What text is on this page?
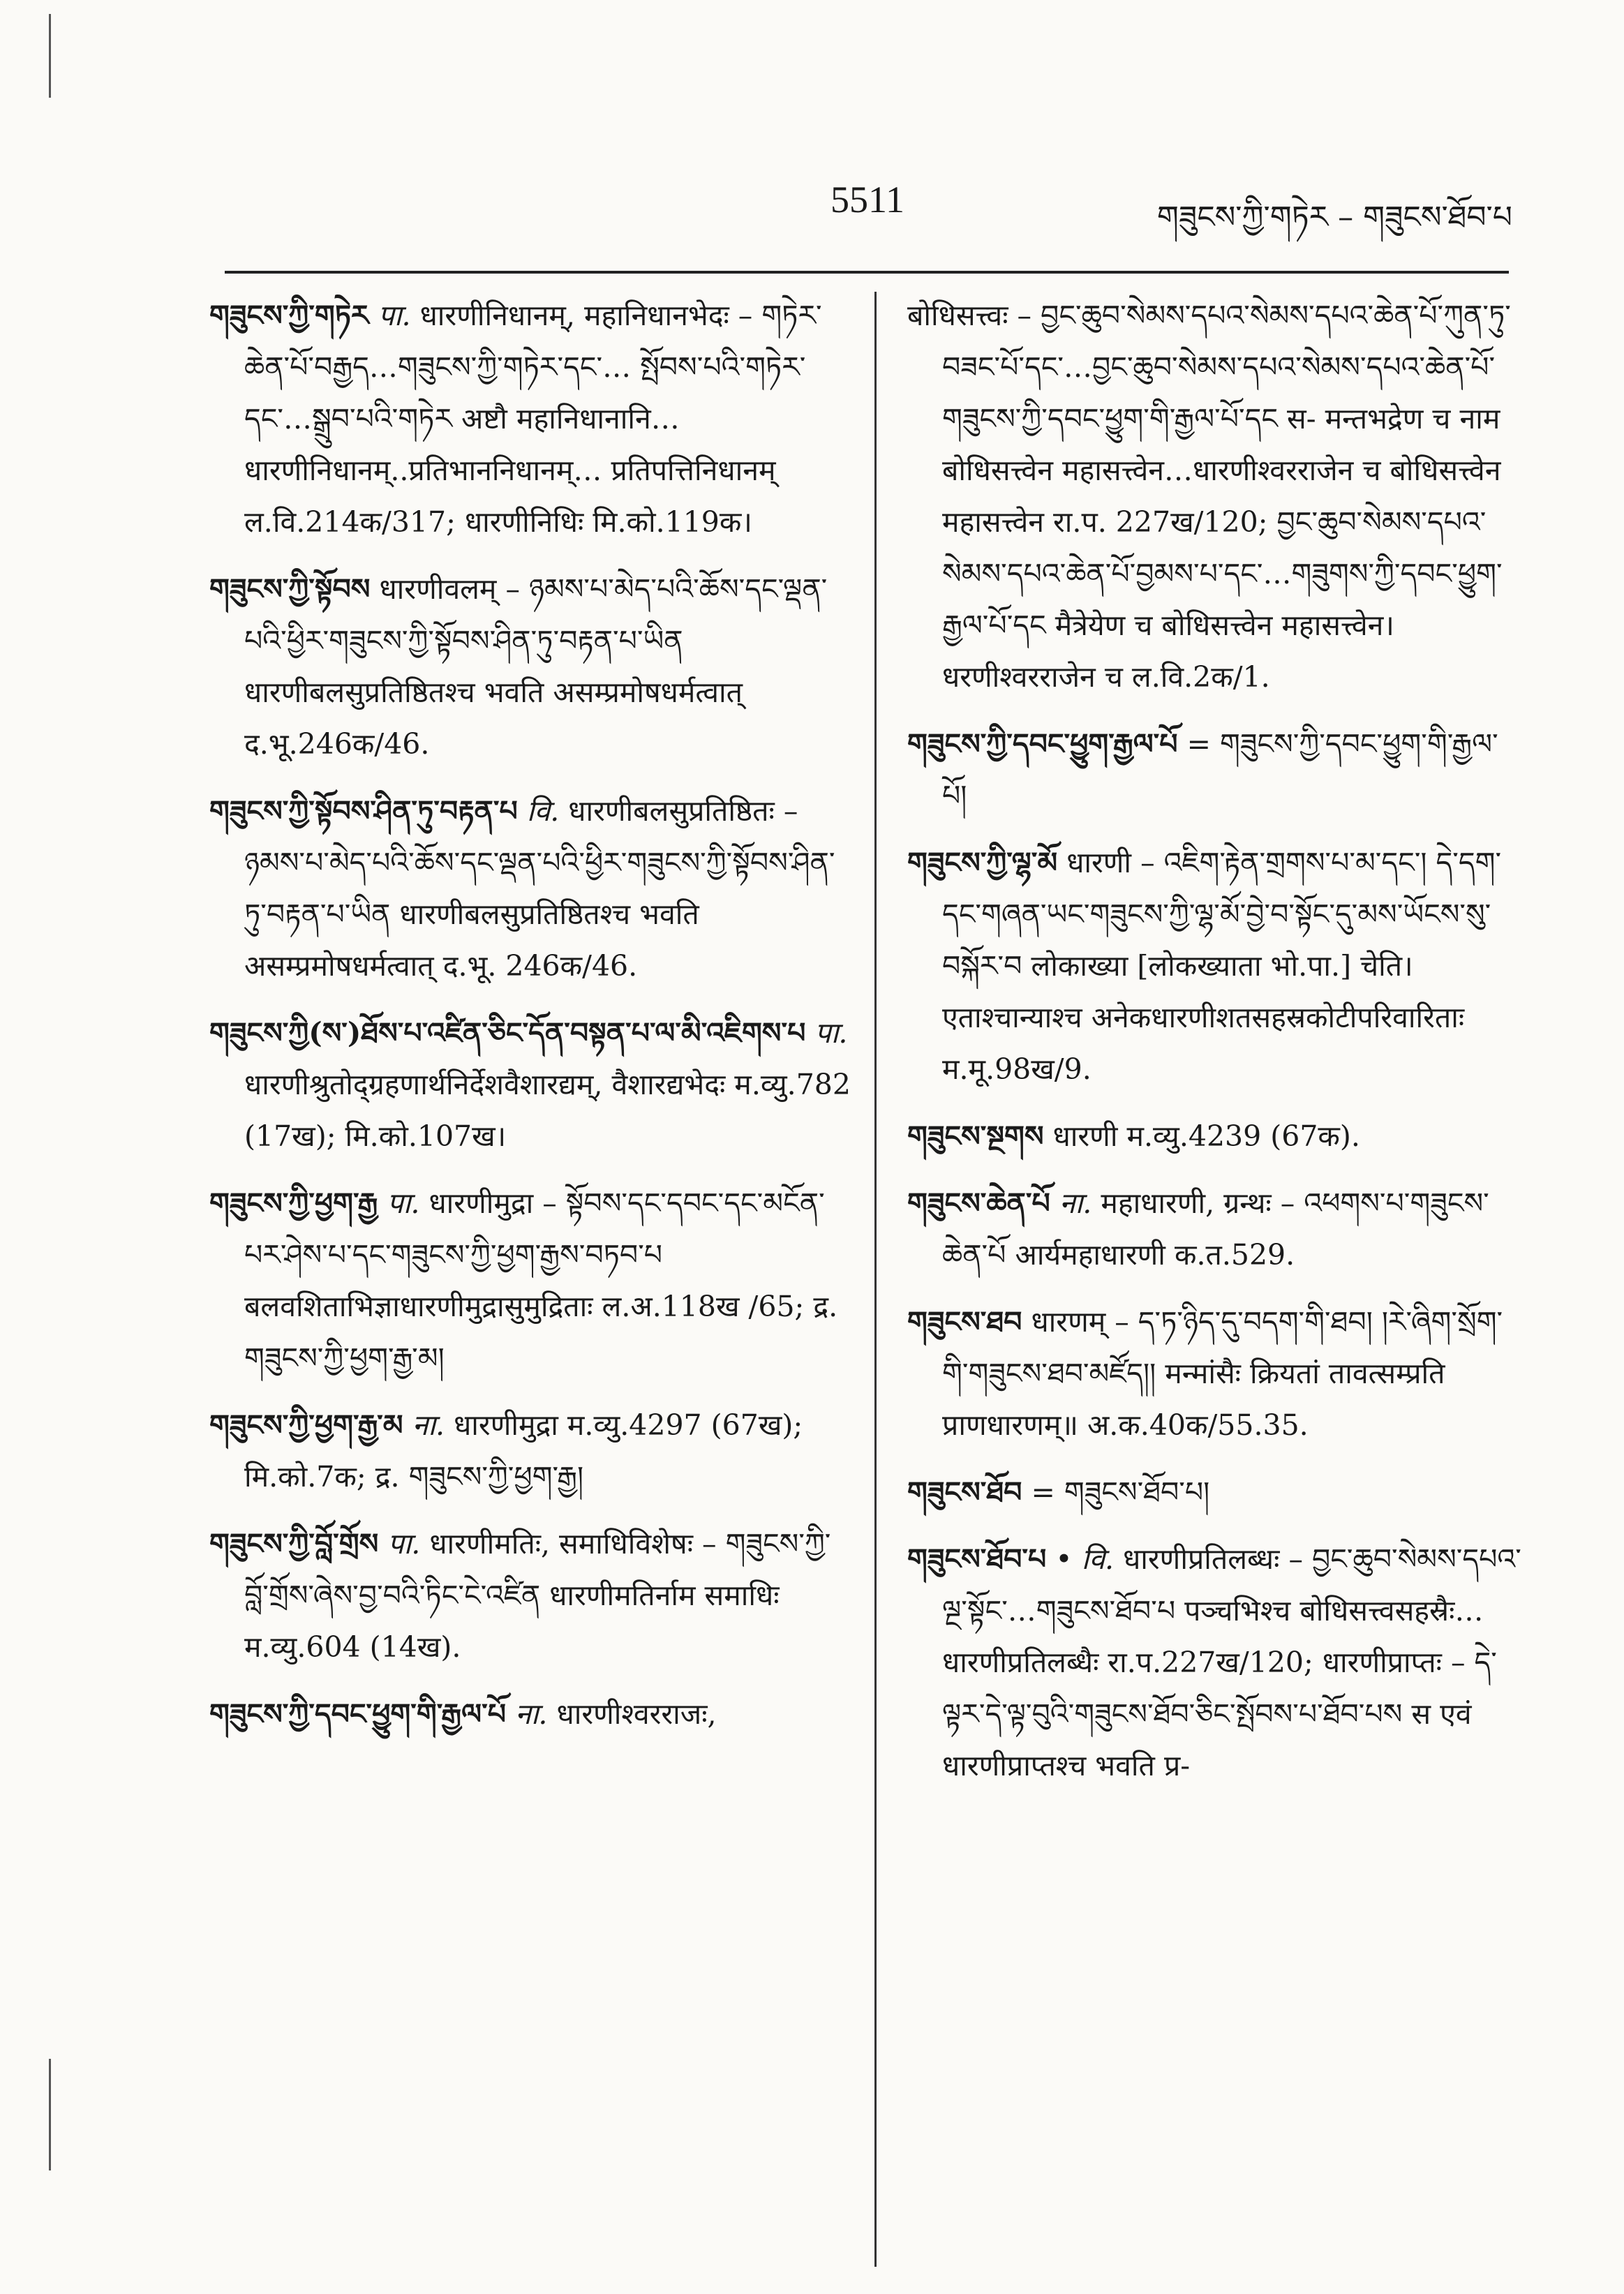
5511	གཟུངས་ཀྱི་གཏེར – གཟུངས་ཐོབ་པ

གཟུངས་ཀྱི་གཏེར पा. धारणीनिधानम्, महानिधानभेदः – གཏེར་ཆེན་པོ་བརྒྱད…གཟུངས་ཀྱི་གཏེར་དང་… སྤོབས་པའི་གཏེར་དང་…སྒྲུབ་པའི་གཏེར अष्टौ महानिधानानि…धारणीनिधानम्..प्रतिभाननिधानम्… प्रतिपत्तिनिधानम् ल.वि.214क/317; धारणीनिधिः मि.को.119क।

གཟུངས་ཀྱི་སྟོབས धारणीवलम् – ཉམས་པ་མེད་པའི་ཆོས་དང་ལྡན་པའི་ཕྱིར་གཟུངས་ཀྱི་སྟོབས་ཤིན་ཏུ་བརྟན་པ་ཡིན धारणीबलसुप्रतिष्ठितश्च भवति असम्प्रमोषधर्मत्वात् द.भू.246क/46.

གཟུངས་ཀྱི་སྟོབས་ཤིན་ཏུ་བརྟན་པ वि. धारणीबलसुप्रतिष्ठितः – ཉམས་པ་མེད་པའི་ཆོས་དང་ལྡན་པའི་ཕྱིར་གཟུངས་ཀྱི་སྟོབས་ཤིན་ཏུ་བརྟན་པ་ཡིན धारणीबलसुप्रतिष्ठितश्च भवति असम्प्रमोषधर्मत्वात् द.भू. 246क/46.

གཟུངས་ཀྱི(ས་)ཐོས་པ་འཛིན་ཅིང་དོན་བསྟན་པ་ལ་མི་འཇིགས་པ पा. धारणीश्रुतोद्ग्रहणार्थनिर्देशवैशारद्यम्, वैशारद्यभेदः म.व्यु.782 (17ख); मि.को.107ख।

གཟུངས་ཀྱི་ཕྱག་རྒྱ पा. धारणीमुद्रा – སྟོབས་དང་དབང་དང་མངོན་པར་ཤེས་པ་དང་གཟུངས་ཀྱི་ཕྱག་རྒྱས་བཏབ་པ बलवशिताभिज्ञाधारणीमुद्रासुमुद्रिताः ल.अ.118ख /65; द्र. གཟུངས་ཀྱི་ཕྱག་རྒྱ་མ།

གཟུངས་ཀྱི་ཕྱག་རྒྱ་མ ना. धारणीमुद्रा म.व्यु.4297 (67ख); मि.को.7क; द्र. གཟུངས་ཀྱི་ཕྱག་རྒྱ།

གཟུངས་ཀྱི་བློ་གྲོས पा. धारणीमतिः, समाधिविशेषः – གཟུངས་ཀྱི་བློ་གྲོས་ཞེས་བྱ་བའི་ཏིང་ངེ་འཛིན धारणीमतिर्नाम समाधिः म.व्यु.604 (14ख).

གཟུངས་ཀྱི་དབང་ཕྱུག་གི་རྒྱལ་པོ ना. धारणीश्वरराजः,

बोधिसत्त्वः – བྱང་ཆུབ་སེམས་དཔའ་སེམས་དཔའ་ཆེན་པོ་ཀུན་ཏུ་བཟང་པོ་དང་…བྱང་ཆུབ་སེམས་དཔའ་སེམས་དཔའ་ཆེན་པོ་གཟུངས་ཀྱི་དབང་ཕྱུག་གི་རྒྱལ་པོ་དང स- मन्तभद्रेण च नाम बोधिसत्त्वेन महासत्त्वेन…धारणीश्वरराजेन च बोधिसत्त्वेन महासत्त्वेन रा.प. 227ख/120; བྱང་ཆུབ་སེམས་དཔའ་སེམས་དཔའ་ཆེན་པོ་བྱམས་པ་དང་…གཟུགས་ཀྱི་དབང་ཕྱུག་རྒྱལ་པོ་དང मैत्रेयेण च बोधिसत्त्वेन महासत्त्वेन। धरणीश्वरराजेन च ल.वि.2क/1.

གཟུངས་ཀྱི་དབང་ཕྱུག་རྒྱལ་པོ = གཟུངས་ཀྱི་དབང་ཕྱུག་གི་རྒྱལ་པོ།

གཟུངས་ཀྱི་ལྷ་མོ धारणी – འཇིག་རྟེན་གྲགས་པ་མ་དང་། དེ་དག་དང་གཞན་ཡང་གཟུངས་ཀྱི་ལྷ་མོ་བྱེ་བ་སྟོང་དུ་མས་ཡོངས་སུ་བསྐོར་བ लोकाख्या [लोकख्याता भो.पा.] चेति। एताश्चान्याश्च अनेकधारणीशतसहस्रकोटीपरिवारिताः म.मू.98ख/9.

གཟུངས་སྔགས धारणी म.व्यु.4239 (67क).

གཟུངས་ཆེན་པོ ना. महाधारणी, ग्रन्थः – འཕགས་པ་གཟུངས་ཆེན་པོ आर्यमहाधारणी क.त.529.

གཟུངས་ཐབ धारणम् – ད་ཏ་ཉིད་དུ་བདག་གི་ཐབ། །རེ་ཞིག་སྲོག་གི་གཟུངས་ཐབ་མཛོད།། मन्मांसैः क्रियतां तावत्सम्प्रति प्राणधारणम्॥ अ.क.40क/55.35.

གཟུངས་ཐོབ = གཟུངས་ཐོབ་པ།

གཟུངས་ཐོབ་པ • वि. धारणीप्रतिलब्धः – བྱང་ཆུབ་སེམས་དཔའ་ལྔ་སྟོང་…གཟུངས་ཐོབ་པ पञ्चभिश्च बोधिसत्त्वसहस्रैः…धारणीप्रतिलब्धैः रा.प.227ख/120; धारणीप्राप्तः – དེ་ལྟར་དེ་ལྟ་བུའི་གཟུངས་ཐོབ་ཅིང་སྤོབས་པ་ཐོབ་པས स एवं धारणीप्राप्तश्च भवति प्र-
